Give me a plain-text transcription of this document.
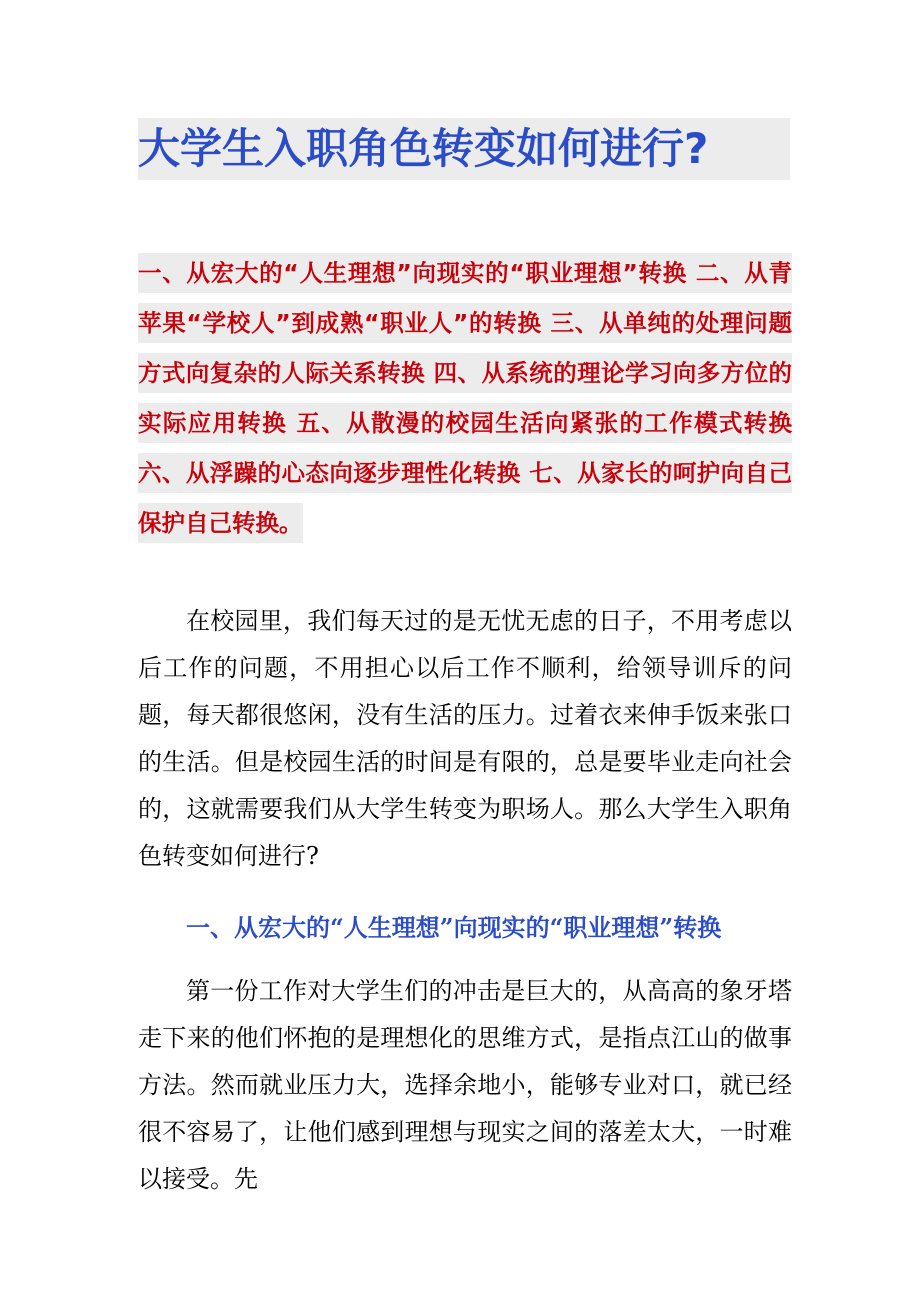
大学生入职角色转变如何进行?

一、从宏大的“人生理想”向现实的“职业理想”转换 二、从青苹果“学校人”到成熟“职业人”的转换 三、从单纯的处理问题方式向复杂的人际关系转换 四、从系统的理论学习向多方位的实际应用转换 五、从散漫的校园生活向紧张的工作模式转换 六、从浮躁的心态向逐步理性化转换 七、从家长的呵护向自己保护自己转换。

在校园里，我们每天过的是无忧无虑的日子，不用考虑以后工作的问题，不用担心以后工作不顺利，给领导训斥的问题，每天都很悠闲，没有生活的压力。过着衣来伸手饭来张口的生活。但是校园生活的时间是有限的，总是要毕业走向社会的，这就需要我们从大学生转变为职场人。那么大学生入职角色转变如何进行?

一、从宏大的“人生理想”向现实的“职业理想”转换

第一份工作对大学生们的冲击是巨大的，从高高的象牙塔走下来的他们怀抱的是理想化的思维方式，是指点江山的做事方法。然而就业压力大，选择余地小，能够专业对口，就已经很不容易了，让他们感到理想与现实之间的落差太大，一时难以接受。先
